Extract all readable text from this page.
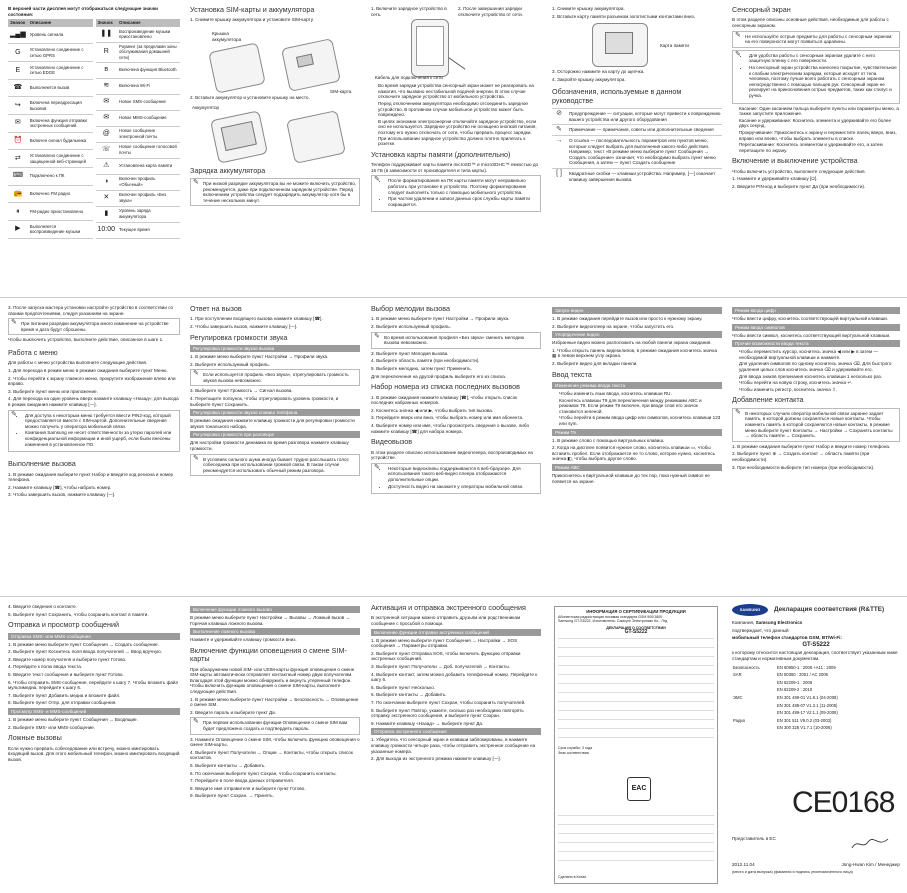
В верхней части дисплея могут отображаться следующие значки состояния:

Значок	Описание
▂▄▆	Уровень сигнала
G	Установлено соединение с сетью GPRS
E	Установлено соединение с сетью EDGE
☎	Выполняется вызов
↪	Включена переадресация вызовов
✉	Включена функция отправки экстренных сообщений
⏰	Включен сигнал будильника
⇄	Установлено соединение с защищенной веб-страницей
⌨	Подключено к ПК
📻	Включено FM радио
⏸	FM-радио приостановлено
▶	Выполняется воспроизведение музыки
Значок	Описание
❚❚	Воспроизведение музыки приостановлено
R	Роуминг (за пределами зоны обслуживания домашней сети)
ʙ	Включена функция Bluetooth
≋	Включена Wi-Fi
✉	Новое SMS-сообщение
✉	Новое MMS-сообщение
@	Новое сообщение электронной почты
☏	Новое сообщение голосовой почты
⚠	Установлена карта памяти
◑	Включен профиль «Обычный»
✕	Включен профиль «Без звука»
▮	Уровень заряда аккумулятора
10:00	Текущее время
Установка SIM-карты и аккумулятора

1. Снимите крышку аккумулятора и установите SIM-карту.

Крышка аккумулятора
SIM-карта

2. Вставьте аккумулятор и установите крышку на место.

Аккумулятор
Зарядка аккумулятора
✎ При низкой разрядке аккумулятора вы не можете включить устройство, рекомендуется, даже при подключенном зарядном устройстве. Перед включением устройства следует подзарядить аккумулятор хотя бы в течение нескольких минут.

1. Включите зарядное устройство в сеть.

2. После завершения зарядки отключите устройство от сети.

Кабель для подключения к сети
• Во время зарядки устройства сенсорный экран может не реагировать на нажатия, что вызвано нестабильной подачей энергии. В этом случае отключите зарядное устройство от мобильного устройства.
• Перед отключением аккумулятора необходимо отсоединить зарядное устройство. В противном случае мобильное устройство может быть повреждено.
• В целях экономии электроэнергии отключайте зарядное устройство, если оно не используется. Зарядное устройство не оснащено кнопкой питания, поэтому его нужно отключать от сети, чтобы прервать процесс зарядки. При использовании зарядное устройство должно плотно прилегать к розетке.
Установка карты памяти (дополнительно)

Телефон поддерживает карты памяти microSD™ и microSDHC™ емкостью до 16 ГБ (в зависимости от производителя и типа карты).

✎ • После форматирования на ПК карты памяти могут неправильно работать при установке в устройство. Поэтому форматирование следует выполнять только с помощью мобильного устройства.
• При частом удалении и записи данных срок службы карты памяти сокращается.

1. Снимите крышку аккумулятора.

2. Вставьте карту памяти разъемом золотистыми контактами вниз.

Карта памяти

3. Осторожно нажмите на карту до щелчка.

4. Закройте крышку аккумулятора.

Обозначения, используемые в данном руководстве
⊘	Предупреждение — ситуации, которые могут привести к повреждению вашего устройства или другого оборудования
✎	Примечание — примечания, советы или дополнительные сведения
→	О ссылка — последовательность параметров или пунктов меню, которые следует выбрать для выполнения какого-либо действия. Например, текст «В режиме меню выберите пункт Сообщения → Создать сообщение» означает, что необходимо выбрать пункт меню Сообщения, а затем — пункт Создать сообщение
[ ]	Квадратные скобки — клавиши устройства. Например, [—] означает клавишу завершения вызова.
Сенсорный экран

В этом разделе описаны основные действия, необходимые для работы с сенсорным экраном.

✎ Не используйте острые предметы для работы с сенсорным экраном: на его поверхности могут появиться царапины.
✎ • Для удобства работы с сенсорным экраном удалите с него защитную пленку с его поверхности.
• На сенсорный экран устройства нанесено покрытие, чувствительное к слабым электрическим зарядам, которые исходят от тела человека, поэтому лучше всего работать с сенсорным экраном непосредственно с помощью пальцев рук. Сенсорный экран не реагирует на прикосновения острых предметов, таких как стилус и ручка.
• Касание: Один касанием пальца выберите пункты или параметры меню, а также запустите приложение.
• Касание и удерживание: Коснитесь элемента и удерживайте его более двух секунд.
• Прокручивание: Прикоснитесь к экрану и переместите палец вверх, вниз, вправо или влево, чтобы выбрать элементы в списке.
• Перетаскивание: Коснитесь элементом и удерживайте его, а затем перетащите по экрану.
Включение и выключение устройства

Чтобы включить устройство, выполните следующие действия.

1. Нажмите и удерживайте клавишу [⏻].

2. Введите PIN-код и выберите пункт Да (при необходимости).

3. После запуска мастера установки настройте устройство в соответствии со своими предпочтениями, следуя указаниям на экране.

✎ При питании разрядки аккумулятора много изменение на устройстве время и дата будут сброшены.

Чтобы выключить устройство, выполните действие, описанное в шаге 1.

Работа с меню

Для работы с меню устройства выполните следующие действия.

1. Для перехода в режим меню в режиме ожидания выберите пункт Меню.

2. Чтобы перейти к экрану главного меню, прокрутите изображение влево или вправо.

3. Выберите пункт меню или приложение.

4. Для перехода на один уровень вверх нажмите клавишу «Назад»; для выхода в режим ожидания нажмите клавишу [—].

✎ • Для доступа к некоторым меню требуется ввести PIN2-код, который предоставляется вместе с SIM-картой. Дополнительные сведения можно получить у оператора мобильной связи.
• Компания Samsung не несет ответственности за утерю паролей или конфиденциальной информации и иной ущерб, если были внесены изменения в установленное ПО.
Выполнение вызова

1. В режиме ожидания выберите пункт Набор и введите код региона и номер телефона.

2. Нажмите клавишу [☎], чтобы набрать номер.

3. Чтобы завершить вызов, нажмите клавишу [—].

Ответ на вызов

1. При поступлении входящего вызова нажмите клавишу [☎].

2. Чтобы завершить вызов, нажмите клавишу [—].

Регулировка громкости звука
Регулировка громкости звуков вызова

1. В режиме меню выберите пункт Настройки → Профили звука.

2. Выберите используемый профиль.

✎ Если используется профиль «Без звука», отрегулировать громкость звуков вызова невозможно.

3. Выберите пункт Громкость → Сигнал вызова.

4. Перетащите ползунок, чтобы отрегулировать уровень громкости, и выберите пункт Сохранить.

Регулировка громкости звуков клавиш телефона

В режиме ожидания нажмите клавишу громкости для регулировки громкости звуков тонального набора.

Регулировка громкости при разговоре

Для настройки громкости динамика во время разговора нажмите клавишу громкости.

✎ В условиях сильного шума иногда бывает трудно расслышать голос собеседника при использовании громкой связи. В таком случае рекомендуется использовать обычный режим разговора.
Выбор мелодии вызова

1. В режиме меню выберите пункт Настройки → Профили звука.

2. Выберите используемый профиль.

✎ Во время использования профиля «Без звука» сменить мелодию вызова невозможно.

3. Выберите пункт Мелодия вызова.

4. Выберите область памяти (при необходимости).

5. Выберите мелодию, затем пункт Применить.

Для переключения на другой профиль выберите его из списка.

Набор номера из списка последних вызовов

1. В режиме ожидания нажмите клавишу [☎], чтобы открыть список последних набранных номеров.

2. Коснитесь значка ◀ или ▶, чтобы выбрать тип вызова.

3. Перейдите вверх или вниз, чтобы выбрать номер или имя абонента.

4. Выберите номер или имя, чтобы просмотреть сведения о вызове, либо нажмите клавишу [☎] для набора номера.

Видеовызов

В этом разделе описано использование видеоплеера, воспроизводимых на устройстве.

✎ • Некоторые видеоклипы поддерживаются в веб-браузере. Для использования такого веб-видео плеера отображаются дополнительные опции.
• Доступность видео на закажите у операторы мобильной связи.
Запуск видео

1. В режиме ожидания перейдите вызов или просто к нужному экрану.

2. Выберите видеоплеер на экране, чтобы запустить его.

Упорядочение видео

Избранные видео можно расположить на любой панели экрана ожидания.

1. Чтобы открыть панель видеоклипов, в режиме ожидания коснитесь значка ▦ в левом верхнем углу экрана.

2. Выберите видео для вкладки панели.

Ввод текста
Изменение режима ввода текста
• Чтобы изменить язык ввода, коснитесь клавиши RU.
• Коснитесь клавиши T9 для переключения между режимами ABC и режимом T9. Если режим T9 включен, при вводе слов его значок становится зеленой.
• Чтобы перейти в режим ввода цифр или символов, коснитесь клавиши 123 или sym.
Режим T9

1. В режиме слово с помощью виртуальных клавиш.

2. Когда на дисплее появится нужное слово, коснитесь клавиши ▭, чтобы вставить пробел. Если отображается не то слово, которое нужно, коснитесь значка ◧, чтобы выбрать другое слово.

Режим АВС

Прикоснитесь к виртуальной клавише до тех пор, пока нужный символ не появится на экране.

Режим ввода цифр

Чтобы ввести цифру, коснитесь соответствующей виртуальной клавиши.

Режим ввода символов

Чтобы ввести символ, коснитесь соответствующей виртуальной клавиши.

Прочие возможности ввода текста
• Чтобы переместить курсор, коснитесь значка ◀ или ▶ в затем — необходимой виртуальной клавиши и нажмите.
• Для удаления символов по одному коснитесь значка ⌫. Для быстрого удаления целых слов коснитесь значка ⌫ и удерживайте его.
• Для ввода знаков препинания коснитесь клавиши 1 несколько раз.
• Чтобы перейти на новую строку, коснитесь значка ↵.
• Чтобы изменить регистр, коснитесь значка ⇧.
Добавление контакта
✎ В некоторых случаях оператор мобильной связи заранее задает память, в которой должны сохраняться новые контакты. Чтобы изменить память в которой сохраняются новые контакты, в режиме меню выберите пункт Контакты → Настройки → Сохранять контакты → область памяти → Сохранить.

1. В режиме ожидания выберите пункт Набор и введите номер телефона.

2. Выберите пункт ⊕ → Создать контакт → область памяти (при необходимости).

3. При необходимости выберите тип номера (при необходимости).

4. Введите сведения о контакте.

5. Выберите пункт Сохранить, чтобы сохранить контакт в памяти.

Отправка и просмотр сообщений
Отправка SMS- или MMS-сообщения

1. В режиме меню выберите пункт Сообщения → Создать сообщение.

2. Выберите пункт Коснитесь поля ввода получателей → Ввод вручную.

3. Введите номер получателя и выберите пункт Готово.

4. Перейдите к полю ввода текста.

5. Введите текст сообщения и выберите пункт Готово.

6. Чтобы отправить SMS-сообщение, перейдите к шагу 7. Чтобы вложить файл мультимедиа, перейдите к шагу 6.

7. Выберите пункт Добавить медиа и вложите файл.

8. Выберите пункт Отпр. для отправки сообщения.

Просмотр SMS- и MMS-сообщений

1. В режиме меню выберите пункт Сообщения → Входящие.

2. Выберите SMS- или MMS-сообщение.

Ложные вызовы

Если нужно прервать собеседование или встречу, можно имитировать входящий вызов. Для этого мобильный телефон, можно имитировать входящий вызов.

Включение функции ложного вызова

В режиме меню выберите пункт Настройки → Вызовы → Ложный вызов → Горячая клавиша ложного вызова.

Выполнение ложного вызова

Нажмите и удерживайте клавишу громкости вниз.

Включение функции оповещения о смене SIM-карты

При обнаружении новой SIM- или USIM-карты функция оповещения о смене SIM-карты автоматически отправляет контактный номер двум получателям. Благодаря этой функции можно обнаружить и вернуть утерянный телефон. Чтобы включить функцию оповещения о смене SIM-карты, выполните следующие действия.

1. В режиме меню выберите пункт Настройки → Безопасность → Оповещение о смене SIM.

2. Введите пароль и выберите пункт Да.

✎ При первом использовании функции Оповещение о смене SIM вам будет предложено создать и подтвердить пароль.

3. Нажмите Оповещение о смене SIM, чтобы включить функцию оповещения о смене SIM-карты.

4. Выберите пункт Получатели → Опции → Контакты, чтобы открыть список контактов.

5. Выберите контакты → Добавить.

6. По окончании выберите пункт Сохран, чтобы сохранить контакты.

7. Перейдите в поле ввода данных отправителя.

8. Введите имя отправителя и выберите пункт Готово.

9. Выберите пункт Сохран. → Принять.

Активация и отправка экстренного сообщения

В экстренной ситуации можно отправить друзьям или родственникам сообщение с просьбой о помощи.

Включение функции отправки экстренных сообщений

1. В режиме меню выберите пункт Сообщения → Настройки → SOS сообщения → Параметры отправки.

2. Выберите пункт Отправка SOS, чтобы включить функцию отправки экстренных сообщений.

3. Выберите пункт Получатели → Доб. получателей → Контакты.

4. Выберите контакт, затем можно добавить телефонный номер. Перейдите к шагу 6.

5. Выберите пункт Несколько.

6. Выберите контакты → Добавить.

7. По окончании выберите пункт Сохран, чтобы сохранить получателей.

8. Выберите пункт Повтор, укажите, сколько раз необходимо повторять отправку экстренного сообщения, и выберите пункт Сохран.

9. Нажмите клавишу «Назад» → выберите пункт Да.

Отправка экстренного сообщения

1. Убедитесь что сенсорный экран и клавиши заблокированы, и нажмите клавишу громкости четыре раза, чтобы отправить экстренное сообщение на указанные номера.

2. Для выхода из экстренного режима нажмите клавишу [—].

ИНФОРМАЦИЯ О СЕРТИФИКАЦИИ ПРОДУКЦИИ
Абонентская радиостанция носимая стандарта GSM 900/1800
Samsung GT-S5222, Изготовитель: Самсунг Электроникс Ко., Лтд
ДЕКЛАРАЦИЯ О СООТВЕТСТВИИ
GT-S5222
Срок службы: 3 года
Знак соответствия
EAC
Сделано в Китае
SAMSUNG	Декларация соответствия (R&TTE)

Компания, Samsung Electronics

подтверждает, что данный

мобильный телефон стандартов GSM, BT/Wi-Fi:

GT-S5222

к которому относится настоящая декларация, соответствует указанным ниже стандартам и нормативным документам.

Безопасность	EN 60950-1 : 2006 +A11 : 2009
SAR	EN 50360 : 2001 / AC 2006
	EN 62209-1 : 2006
	EN 62209-2 : 2010
ЭМС	EN 301 489-01 V1.8.1 (04-2008)
	EN 301 489-07 V1.3.1 (11-2005)
	EN 301 489-17 V2.1.1 (05-2009)
Радио	EN 301 511 V9.0.2 (03-2003)
	EN 300 328 V1.7.1 (10-2006)
CE0168

Представитель в ЕС

2012.11.04	Jong-Hwan Kim / Менеджер

(место и дата выпуска) (фамилия и подпись уполномоченного лица)
